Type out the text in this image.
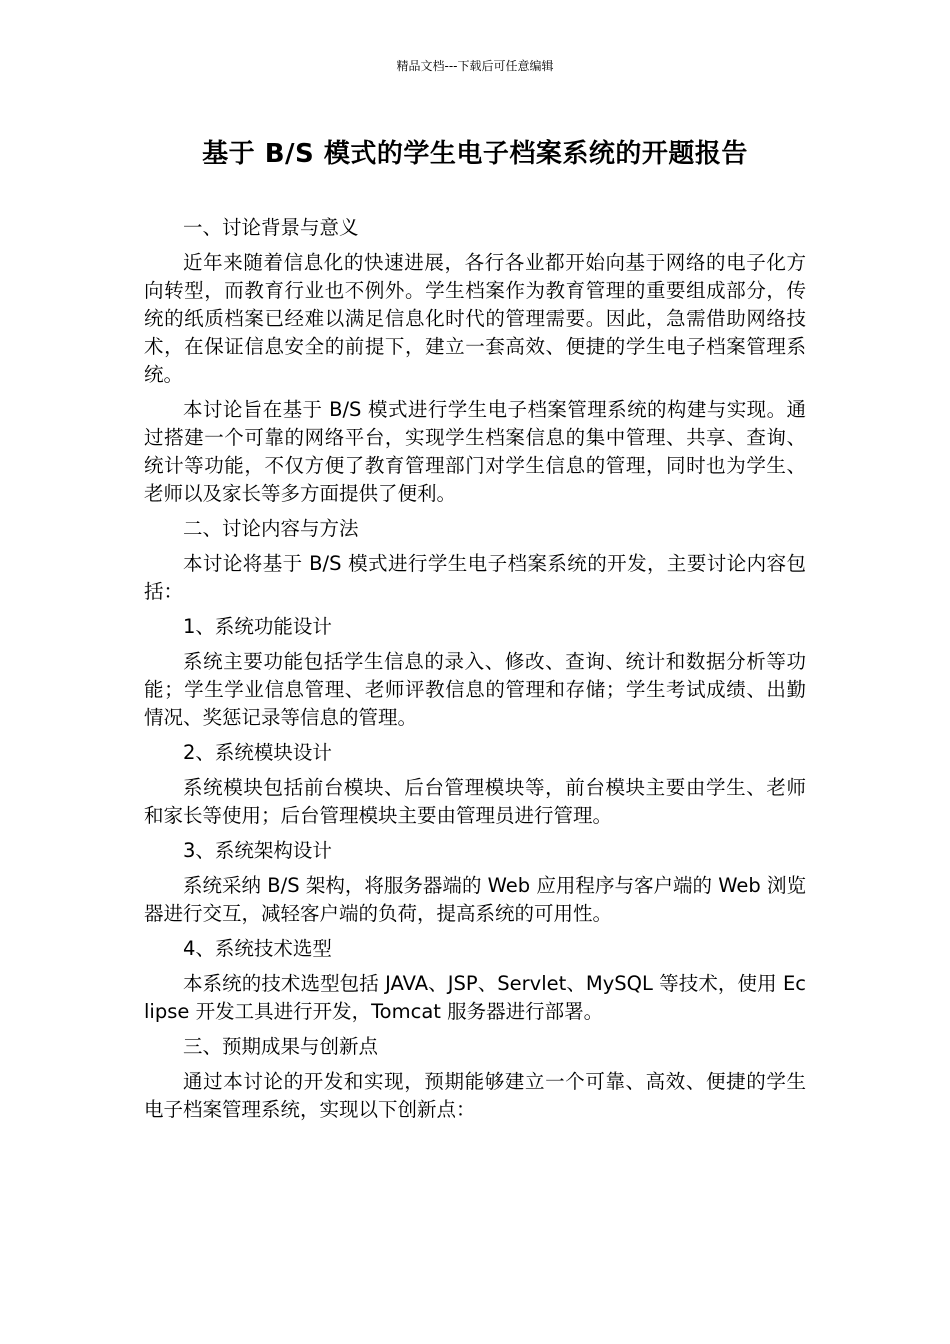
精品文档---下载后可任意编辑
基于 B/S 模式的学生电子档案系统的开题报告
一、讨论背景与意义
近年来随着信息化的快速进展，各行各业都开始向基于网络的电子化方向转型，而教育行业也不例外。学生档案作为教育管理的重要组成部分，传统的纸质档案已经难以满足信息化时代的管理需要。因此，急需借助网络技术，在保证信息安全的前提下，建立一套高效、便捷的学生电子档案管理系统。
本讨论旨在基于 B/S 模式进行学生电子档案管理系统的构建与实现。通过搭建一个可靠的网络平台，实现学生档案信息的集中管理、共享、查询、统计等功能，不仅方便了教育管理部门对学生信息的管理，同时也为学生、老师以及家长等多方面提供了便利。
二、讨论内容与方法
本讨论将基于 B/S 模式进行学生电子档案系统的开发，主要讨论内容包括：
1、系统功能设计
系统主要功能包括学生信息的录入、修改、查询、统计和数据分析等功能；学生学业信息管理、老师评教信息的管理和存储；学生考试成绩、出勤情况、奖惩记录等信息的管理。
2、系统模块设计
系统模块包括前台模块、后台管理模块等，前台模块主要由学生、老师和家长等使用；后台管理模块主要由管理员进行管理。
3、系统架构设计
系统采纳 B/S 架构，将服务器端的 Web 应用程序与客户端的 Web 浏览器进行交互，减轻客户端的负荷，提高系统的可用性。
4、系统技术选型
本系统的技术选型包括 JAVA、JSP、Servlet、MySQL 等技术，使用 Eclipse 开发工具进行开发，Tomcat 服务器进行部署。
三、预期成果与创新点
通过本讨论的开发和实现，预期能够建立一个可靠、高效、便捷的学生电子档案管理系统，实现以下创新点：
